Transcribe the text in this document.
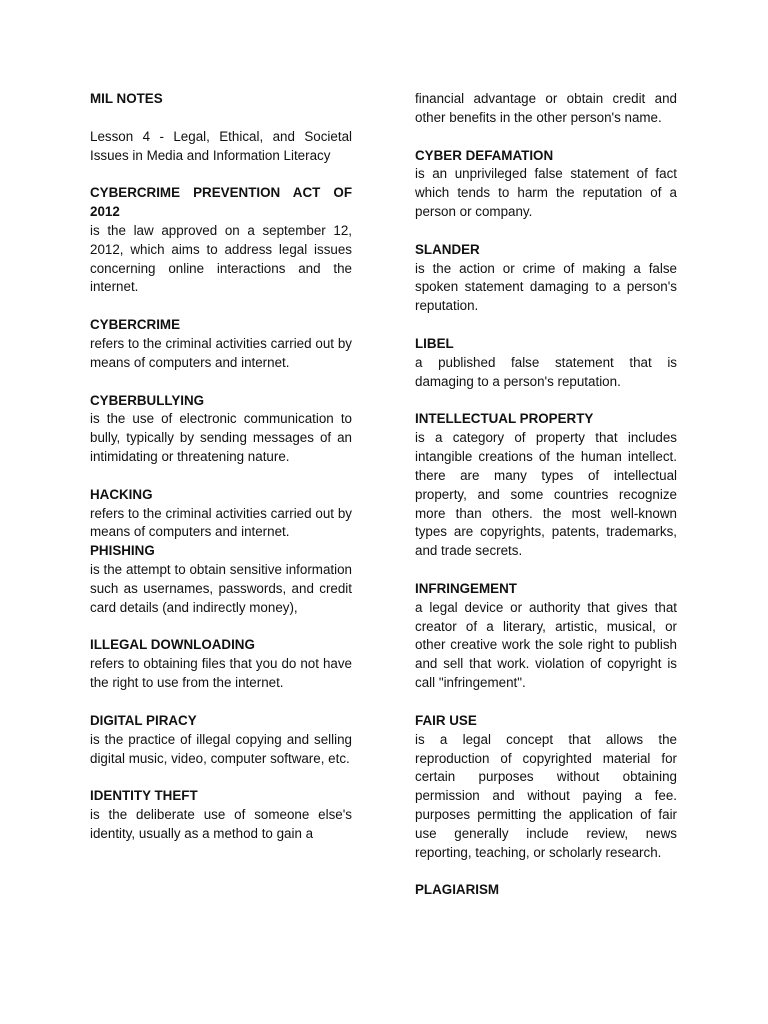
MIL NOTES

Lesson 4 - Legal, Ethical, and Societal Issues in Media and Information Literacy

CYBERCRIME PREVENTION ACT OF 2012

is the law approved on a september 12, 2012, which aims to address legal issues concerning online interactions and the internet.

CYBERCRIME

refers to the criminal activities carried out by means of computers and internet.

CYBERBULLYING

is the use of electronic communication to bully, typically by sending messages of an intimidating or threatening nature.

HACKING

refers to the criminal activities carried out by means of computers and internet.

PHISHING

is the attempt to obtain sensitive information such as usernames, passwords, and credit card details (and indirectly money),

ILLEGAL DOWNLOADING

refers to obtaining files that you do not have the right to use from the internet.

DIGITAL PIRACY

is the practice of illegal copying and selling digital music, video, computer software, etc.

IDENTITY THEFT

is the deliberate use of someone else's identity, usually as a method to gain a

financial advantage or obtain credit and other benefits in the other person's name.

CYBER DEFAMATION

is an unprivileged false statement of fact which tends to harm the reputation of a person or company.

SLANDER

is the action or crime of making a false spoken statement damaging to a person's reputation.

LIBEL

a published false statement that is damaging to a person's reputation.

INTELLECTUAL PROPERTY

is a category of property that includes intangible creations of the human intellect. there are many types of intellectual property, and some countries recognize more than others. the most well-known types are copyrights, patents, trademarks, and trade secrets.

INFRINGEMENT

a legal device or authority that gives that creator of a literary, artistic, musical, or other creative work the sole right to publish and sell that work. violation of copyright is call "infringement".

FAIR USE

is a legal concept that allows the reproduction of copyrighted material for certain purposes without obtaining permission and without paying a fee. purposes permitting the application of fair use generally include review, news reporting, teaching, or scholarly research.

PLAGIARISM
